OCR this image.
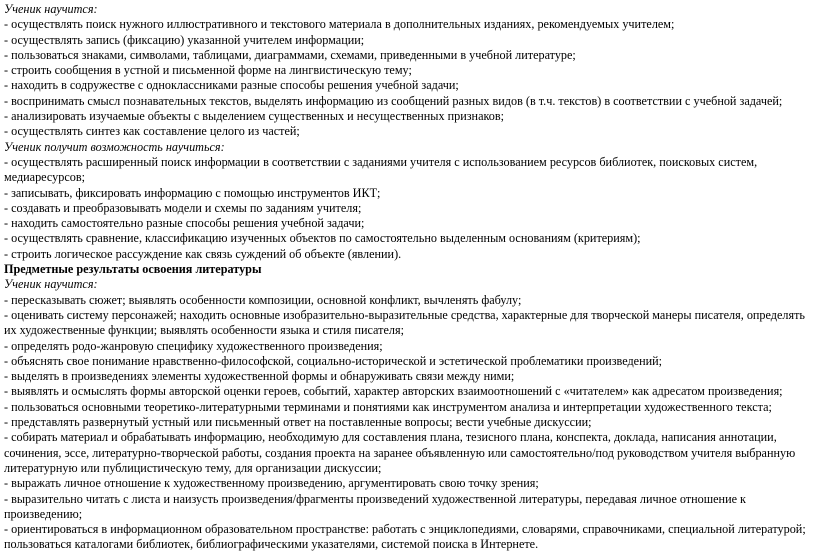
Ученик научится:

- осуществлять поиск нужного иллюстративного и текстового материала в дополнительных изданиях, рекомендуемых учителем;

- осуществлять запись (фиксацию) указанной учителем информации;

- пользоваться знаками, символами, таблицами, диаграммами, схемами, приведенными в учебной литературе;

- строить сообщения в устной и письменной форме на лингвистическую тему;

- находить в содружестве с одноклассниками разные способы решения учебной задачи;

- воспринимать смысл познавательных текстов, выделять информацию из сообщений разных видов (в т.ч. текстов) в соответствии с учебной задачей;

- анализировать изучаемые объекты с выделением существенных и несущественных признаков;

- осуществлять синтез как составление целого из частей;

Ученик получит возможность научиться:

- осуществлять расширенный поиск информации в соответствии с заданиями учителя с использованием ресурсов библиотек, поисковых систем, медиаресурсов;

- записывать, фиксировать информацию с помощью инструментов ИКТ;

- создавать и преобразовывать модели и схемы по заданиям учителя;

- находить самостоятельно разные способы решения учебной задачи;

- осуществлять сравнение, классификацию изученных объектов по самостоятельно выделенным основаниям (критериям);

- строить логическое рассуждение как связь суждений об объекте (явлении).

Предметные результаты освоения литературы

Ученик научится:

- пересказывать сюжет; выявлять особенности композиции, основной конфликт, вычленять фабулу;

- оценивать систему персонажей; находить основные изобразительно-выразительные средства, характерные для творческой манеры писателя, определять их художественные функции; выявлять особенности языка и стиля писателя;

- определять родо-жанровую специфику художественного произведения;

- объяснять свое понимание нравственно-философской, социально-исторической и эстетической проблематики произведений;

- выделять в произведениях элементы художественной формы и обнаруживать связи между ними;

- выявлять и осмыслять формы авторской оценки героев, событий, характер авторских взаимоотношений с «читателем» как адресатом произведения;

- пользоваться основными теоретико-литературными терминами и понятиями как инструментом анализа и интерпретации художественного текста;

- представлять развернутый устный или письменный ответ на поставленные вопросы; вести учебные дискуссии;

- собирать материал и обрабатывать информацию, необходимую для составления плана, тезисного плана, конспекта, доклада, написания аннотации, сочинения, эссе, литературно-творческой работы, создания проекта на заранее объявленную или самостоятельно/под руководством учителя выбранную литературную или публицистическую тему, для организации дискуссии;

- выражать личное отношение к художественному произведению, аргументировать свою точку зрения;

- выразительно читать с листа и наизусть произведения/фрагменты произведений художественной литературы, передавая личное отношение к произведению;

- ориентироваться в информационном образовательном пространстве: работать с энциклопедиями, словарями, справочниками, специальной литературой; пользоваться каталогами библиотек, библиографическими указателями, системой поиска в Интернете.
